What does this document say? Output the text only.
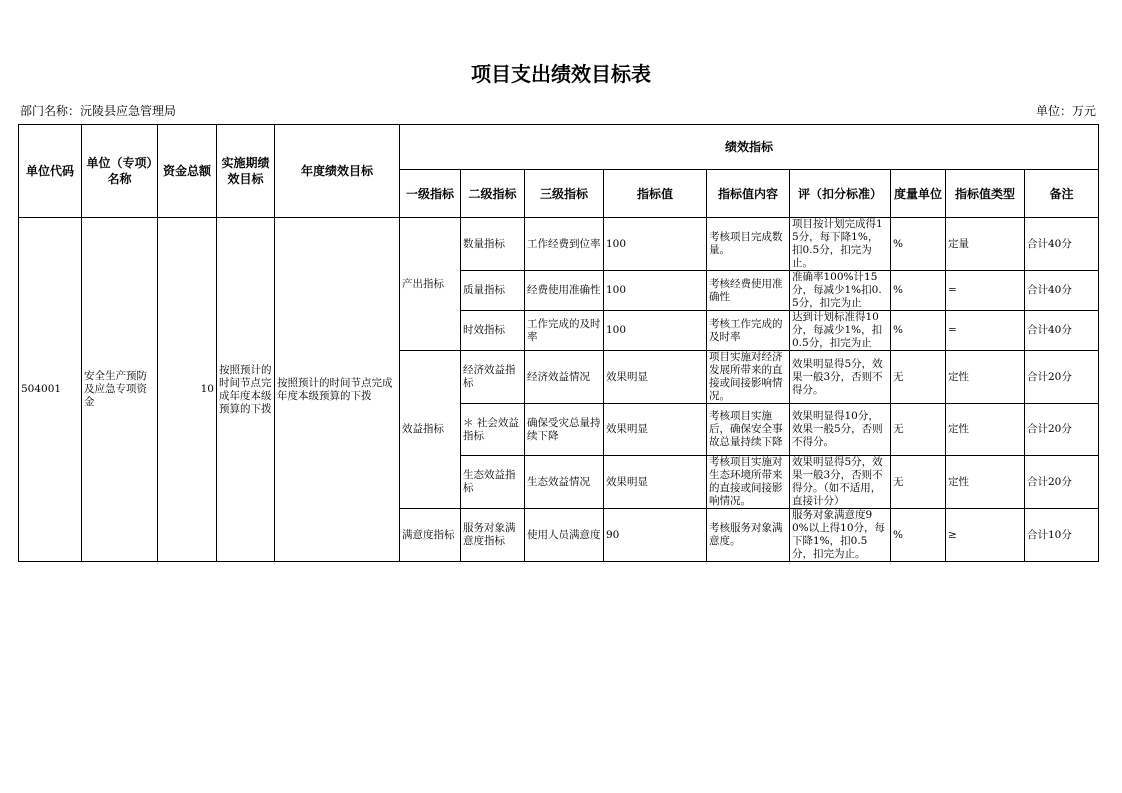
项目支出绩效目标表
部门名称：沅陵县应急管理局	单位：万元
单位代码	单位（专项）名称	资金总额	实施期绩效目标	年度绩效目标	绩效指标								
					一级指标	二级指标	三级指标	指标值	指标值内容	评（扣分标准）	度量单位	指标值类型	备注
504001	安全生产预防及应急专项资金	10	按照预计的时间节点完成年度本级预算的下拨	按照预计的时间节点完成年度本级预算的下拨	产出指标	数量指标	工作经费到位率	100	考核项目完成数量。	项目按计划完成得15分，每下降1%，扣0.5分，扣完为止。	%	定量	合计40分
						质量指标	经费使用准确性	100	考核经费使用准确性	准确率100%计15分，每减少1%扣0.5分，扣完为止	%	=	合计40分
						时效指标	工作完成的及时率	100	考核工作完成的及时率	达到计划标准得10分，每减少1%，扣0.5分，扣完为止	%	=	合计40分
					效益指标	经济效益指标	经济效益情况	效果明显	项目实施对经济发展所带来的直接或间接影响情况。	效果明显得5分，效果一般3分，否则不得分。	无	定性	合计20分
						＊ 社会效益指标	确保受灾总量持续下降	效果明显	考核项目实施后，确保安全事故总量持续下降	效果明显得10分，效果一般5分，否则不得分。	无	定性	合计20分
						生态效益指标	生态效益情况	效果明显	考核项目实施对生态环境所带来的直接或间接影响情况。	效果明显得5分，效果一般3分，否则不得分。（如不适用，直接计分）	无	定性	合计20分
					满意度指标	服务对象满意度指标	使用人员满意度	90	考核服务对象满意度。	服务对象满意度90%以上得10分，每下降1%，扣0.5分，扣完为止。	%	≥	合计10分
